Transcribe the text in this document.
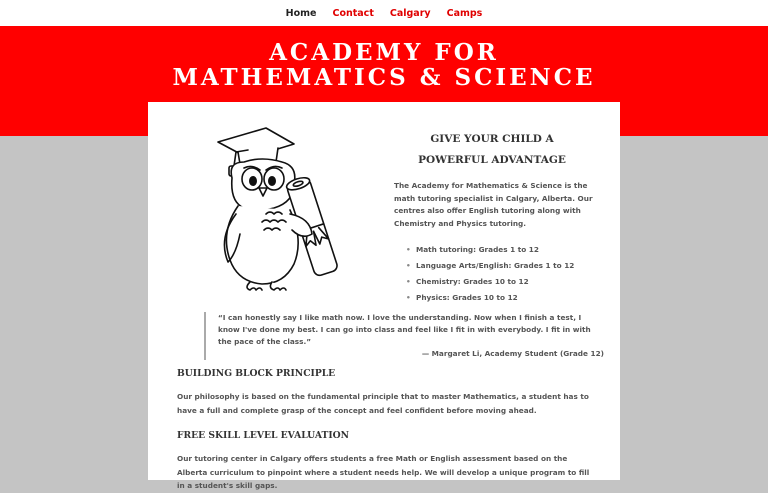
Home Contact Calgary Camps
ACADEMY FOR
MATHEMATICS & SCIENCE
GIVE YOUR CHILD A
POWERFUL ADVANTAGE

The Academy for Mathematics & Science is the math tutoring specialist in Calgary, Alberta. Our centres also offer English tutoring along with Chemistry and Physics tutoring.

• Math tutoring: Grades 1 to 12
• Language Arts/English: Grades 1 to 12
• Chemistry: Grades 10 to 12
• Physics: Grades 10 to 12

“I can honestly say I like math now. I love the understanding. Now when I finish a test, I know I've done my best. I can go into class and feel like I fit in with everybody. I fit in with the pace of the class.”

— Margaret Li, Academy Student (Grade 12)

BUILDING BLOCK PRINCIPLE

Our philosophy is based on the fundamental principle that to master Mathematics, a student has to have a full and complete grasp of the concept and feel confident before moving ahead.

FREE SKILL LEVEL EVALUATION

Our tutoring center in Calgary offers students a free Math or English assessment based on the Alberta curriculum to pinpoint where a student needs help. We will develop a unique program to fill in a student's skill gaps.
